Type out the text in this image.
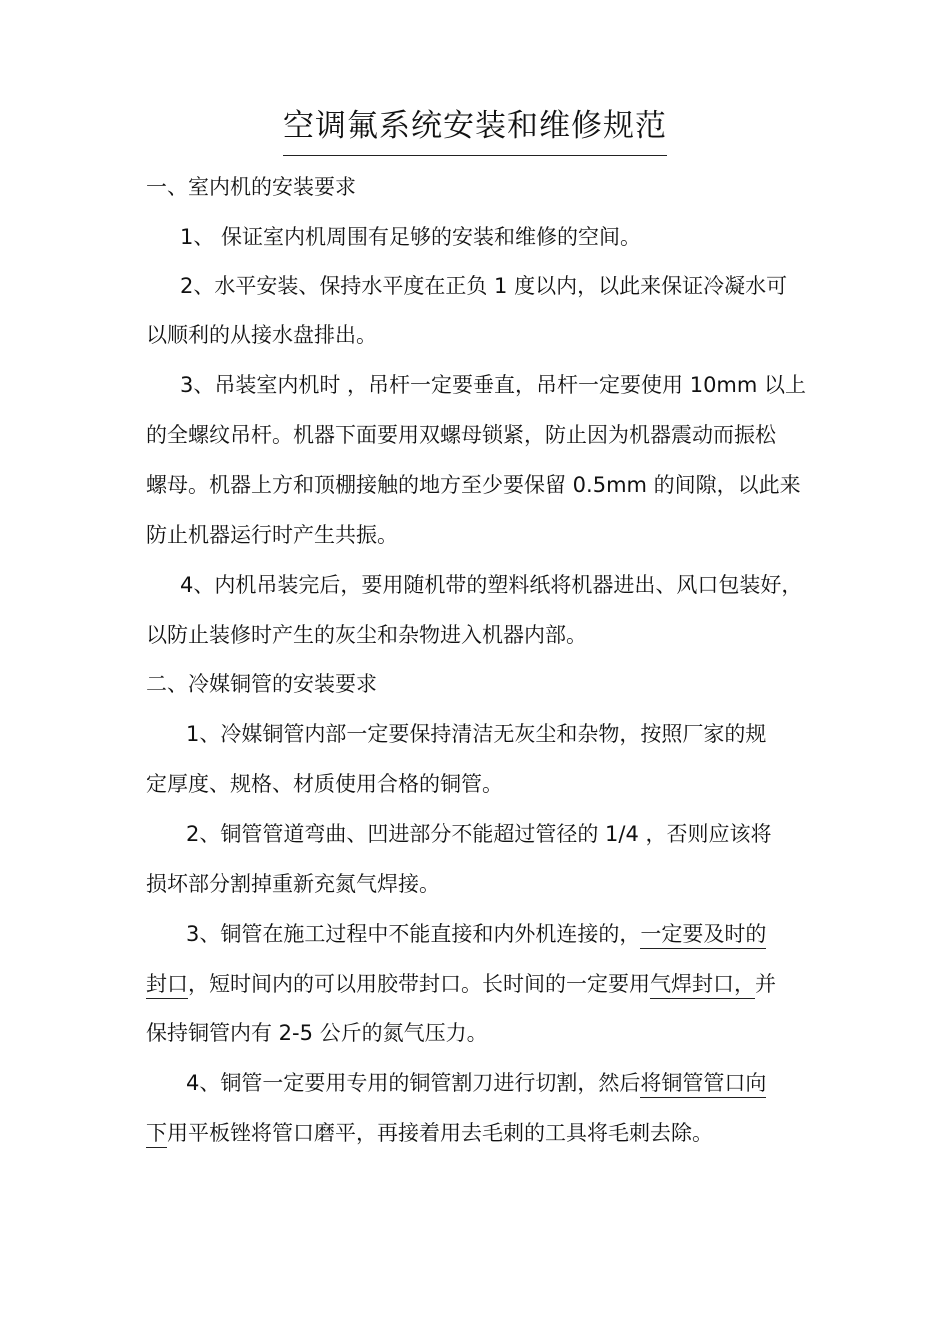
空调氟系统安装和维修规范
一、室内机的安装要求
1、 保证室内机周围有足够的安装和维修的空间。
2、水平安装、保持水平度在正负 1 度以内，以此来保证冷凝水可
以顺利的从接水盘排出。
3、吊装室内机时 ，吊杆一定要垂直，吊杆一定要使用 10mm 以上
的全螺纹吊杆。机器下面要用双螺母锁紧，防止因为机器震动而振松
螺母。机器上方和顶棚接触的地方至少要保留 0.5mm 的间隙，以此来
防止机器运行时产生共振。
4、内机吊装完后，要用随机带的塑料纸将机器进出、风口包装好，
以防止装修时产生的灰尘和杂物进入机器内部。
二、冷媒铜管的安装要求
1、冷媒铜管内部一定要保持清洁无灰尘和杂物，按照厂家的规
定厚度、规格、材质使用合格的铜管。
2、铜管管道弯曲、凹进部分不能超过管径的 1/4 ，否则应该将
损坏部分割掉重新充氮气焊接。
3、铜管在施工过程中不能直接和内外机连接的，一定要及时的
封口，短时间内的可以用胶带封口。长时间的一定要用气焊封口，并
保持铜管内有 2-5 公斤的氮气压力。
4、铜管一定要用专用的铜管割刀进行切割，然后将铜管管口向
下用平板锉将管口磨平，再接着用去毛刺的工具将毛刺去除。
